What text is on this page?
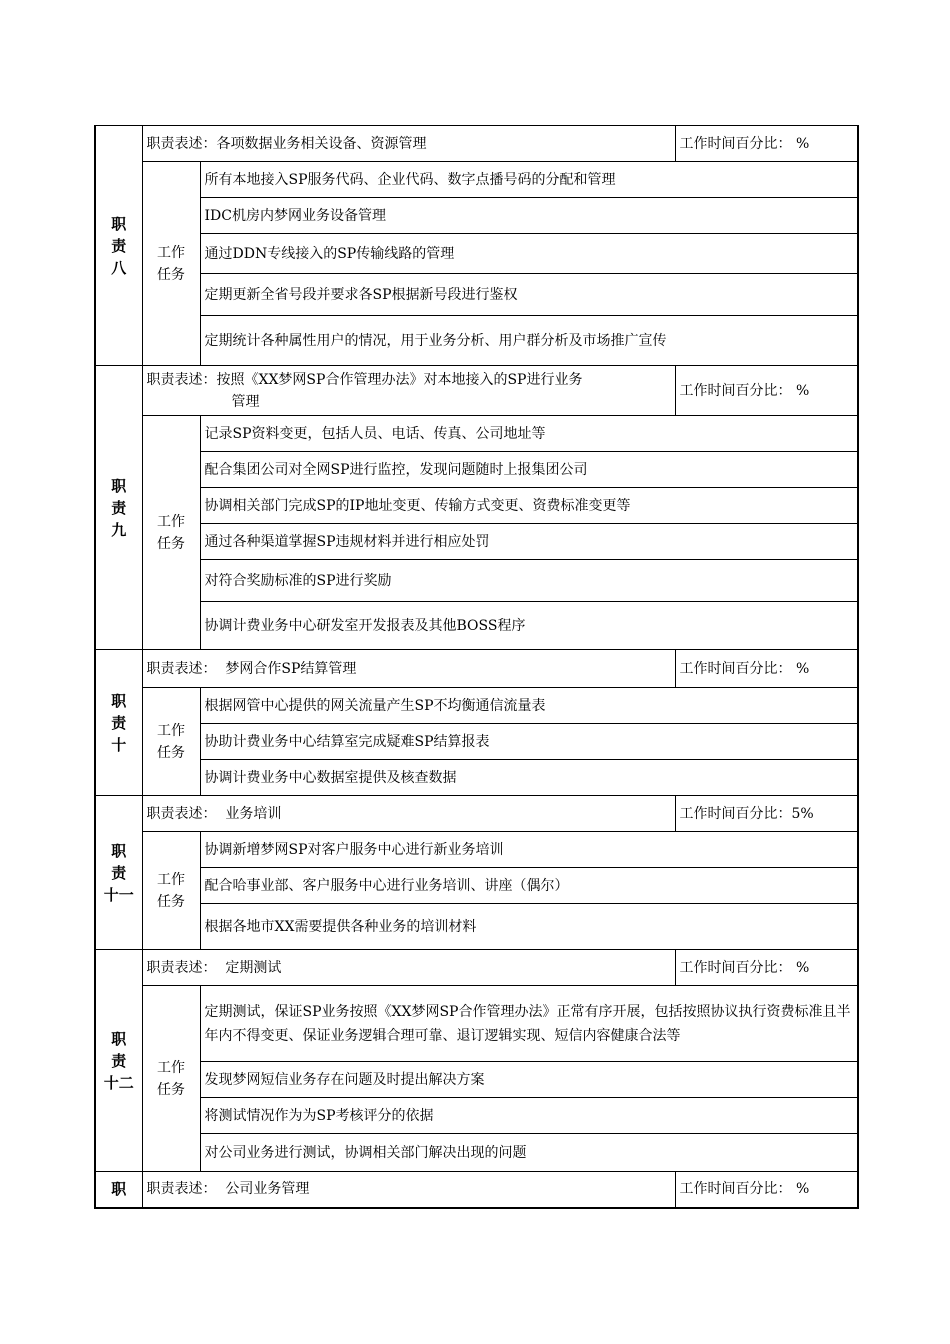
职
责
八	职责表述：各项数据业务相关设备、资源管理		工作时间百分比： %

	工作
任务	所有本地接入SP服务代码、企业代码、数字点播号码的分配和管理	
		IDC机房内梦网业务设备管理	
		通过DDN专线接入的SP传输线路的管理	
		定期更新全省号段并要求各SP根据新号段进行鉴权	
		定期统计各种属性用户的情况，用于业务分析、用户群分析及市场推广宣传	

职
责
九	职责表述：按照《XX梦网SP合作管理办法》对本地接入的SP进行业务
管理		工作时间百分比： %

	工作
任务	记录SP资料变更，包括人员、电话、传真、公司地址等	
		配合集团公司对全网SP进行监控，发现问题随时上报集团公司	
		协调相关部门完成SP的IP地址变更、传输方式变更、资费标准变更等	
		通过各种渠道掌握SP违规材料并进行相应处罚	
		对符合奖励标准的SP进行奖励	
		协调计费业务中心研发室开发报表及其他BOSS程序	

职
责
十	职责表述： 梦网合作SP结算管理		工作时间百分比： %

	工作
任务	根据网管中心提供的网关流量产生SP不均衡通信流量表	
		协助计费业务中心结算室完成疑难SP结算报表	
		协调计费业务中心数据室提供及核查数据	

职
责
十一	职责表述： 业务培训		工作时间百分比：5%

	工作
任务	协调新增梦网SP对客户服务中心进行新业务培训	
		配合哈事业部、客户服务中心进行业务培训、讲座（偶尔）	
		根据各地市XX需要提供各种业务的培训材料	

职
责
十二	职责表述： 定期测试		工作时间百分比： %

	工作
任务	定期测试，保证SP业务按照《XX梦网SP合作管理办法》正常有序开展，包括按照协议执行资费标准且半年内不得变更、保证业务逻辑合理可靠、退订逻辑实现、短信内容健康合法等	
		发现梦网短信业务存在问题及时提出解决方案	
		将测试情况作为为SP考核评分的依据	
		对公司业务进行测试，协调相关部门解决出现的问题	

职	职责表述： 公司业务管理		工作时间百分比： %
